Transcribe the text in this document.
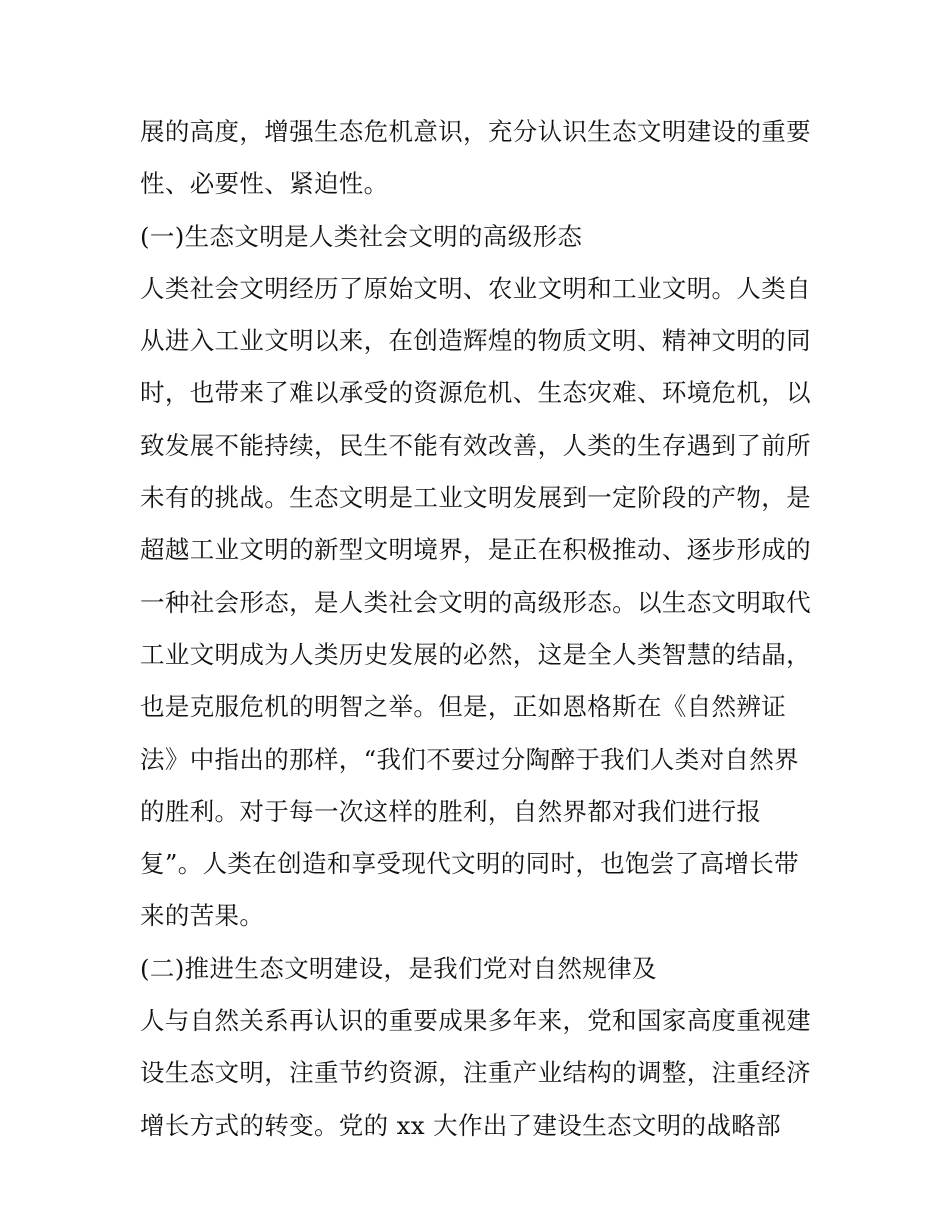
展的高度，增强生态危机意识，充分认识生态文明建设的重要
性、必要性、紧迫性。
(一)生态文明是人类社会文明的高级形态
人类社会文明经历了原始文明、农业文明和工业文明。人类自
从进入工业文明以来，在创造辉煌的物质文明、精神文明的同
时，也带来了难以承受的资源危机、生态灾难、环境危机，以
致发展不能持续，民生不能有效改善，人类的生存遇到了前所
未有的挑战。生态文明是工业文明发展到一定阶段的产物，是
超越工业文明的新型文明境界，是正在积极推动、逐步形成的
一种社会形态，是人类社会文明的高级形态。以生态文明取代
工业文明成为人类历史发展的必然，这是全人类智慧的结晶，
也是克服危机的明智之举。但是，正如恩格斯在《自然辨证
法》中指出的那样，“我们不要过分陶醉于我们人类对自然界
的胜利。对于每一次这样的胜利，自然界都对我们进行报
复”。人类在创造和享受现代文明的同时，也饱尝了高增长带
来的苦果。
(二)推进生态文明建设，是我们党对自然规律及
人与自然关系再认识的重要成果多年来，党和国家高度重视建
设生态文明，注重节约资源，注重产业结构的调整，注重经济
增长方式的转变。党的 xx 大作出了建设生态文明的战略部
